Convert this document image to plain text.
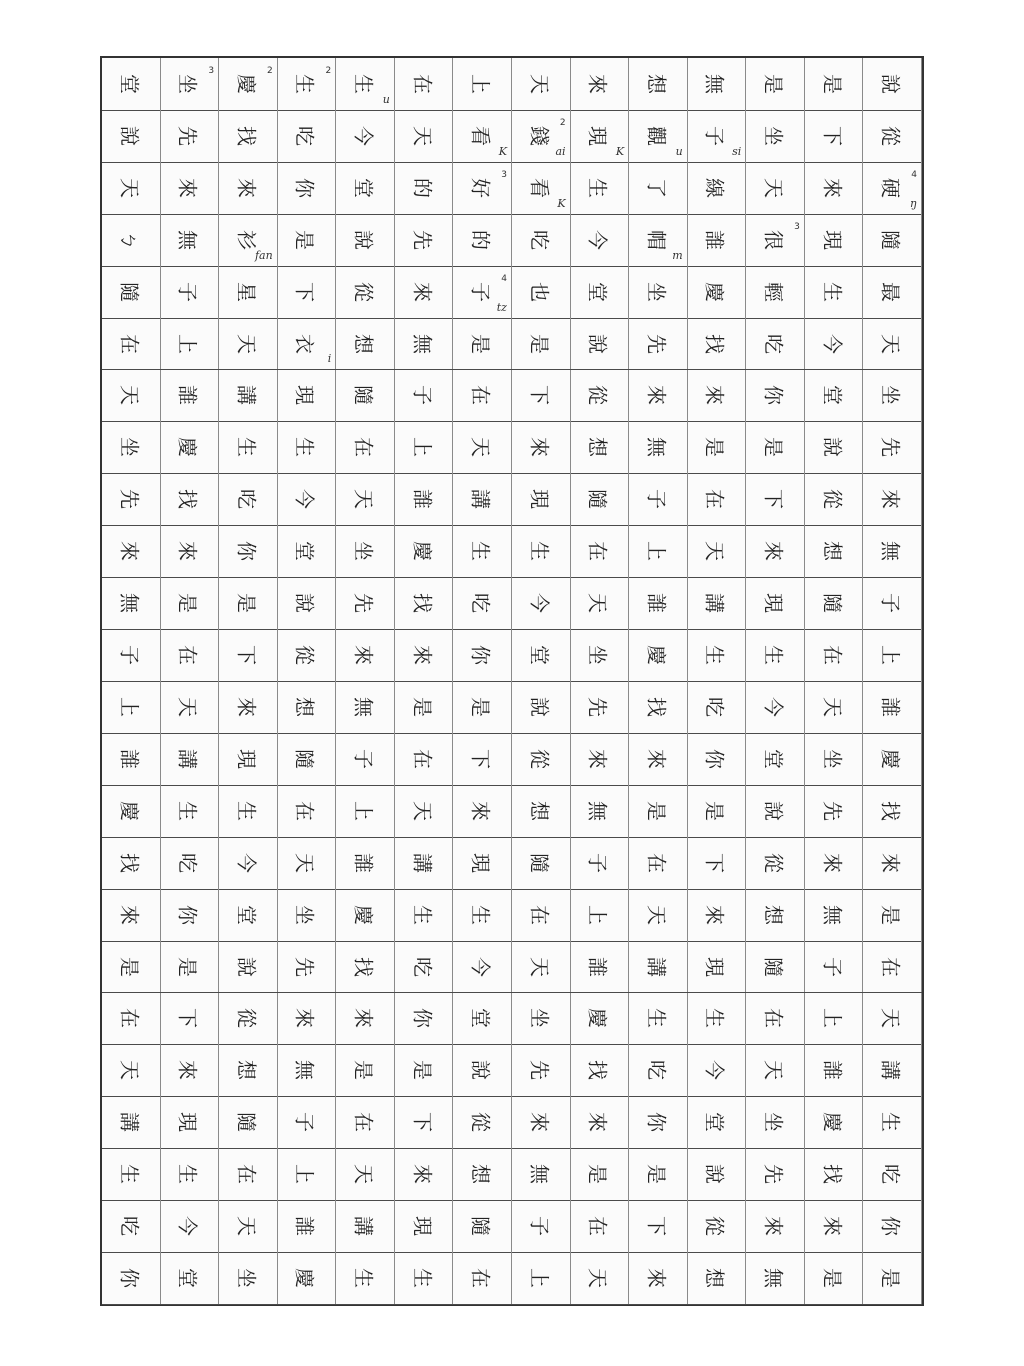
堂 坐
3
慶
2
生
2
生
u
在 上 天 來 想 無 是 是 說
說 先 找 吃 今 天 看
K
錢
ai
2
現
K
觀
u
子
si
坐 下 從
天 來 來 你 堂 的 好
3
看
K
生 了 線 天 來 硬
ŋ
4
ㄅ 無 衫
fan
是 說 先 的 吃 今 帽
m
誰 很
3
現 隨
隨 子 星 下 從 來 子
tz
4
也 堂 坐 慶 輕 生 最
在 上 天 衣
i
想 無 是 是 說 先 找 吃 今 天
天 誰 講 現 隨 子 在 下 從 來 來 你 堂 坐
坐 慶 生 生 在 上 天 來 想 無 是 是 說 先
先 找 吃 今 天 誰 講 現 隨 子 在 下 從 來
來 來 你 堂 坐 慶 生 生 在 上 天 來 想 無
無 是 是 說 先 找 吃 今 天 誰 講 現 隨 子
子 在 下 從 來 來 你 堂 坐 慶 生 生 在 上
上 天 來 想 無 是 是 說 先 找 吃 今 天 誰
誰 講 現 隨 子 在 下 從 來 來 你 堂 坐 慶
慶 生 生 在 上 天 來 想 無 是 是 說 先 找
找 吃 今 天 誰 講 現 隨 子 在 下 從 來 來
來 你 堂 坐 慶 生 生 在 上 天 來 想 無 是
是 是 說 先 找 吃 今 天 誰 講 現 隨 子 在
在 下 從 來 來 你 堂 坐 慶 生 生 在 上 天
天 來 想 無 是 是 說 先 找 吃 今 天 誰 講
講 現 隨 子 在 下 從 來 來 你 堂 坐 慶 生
生 生 在 上 天 來 想 無 是 是 說 先 找 吃
吃 今 天 誰 講 現 隨 子 在 下 從 來 來 你
你 堂 坐 慶 生 生 在 上 天 來 想 無 是 是
